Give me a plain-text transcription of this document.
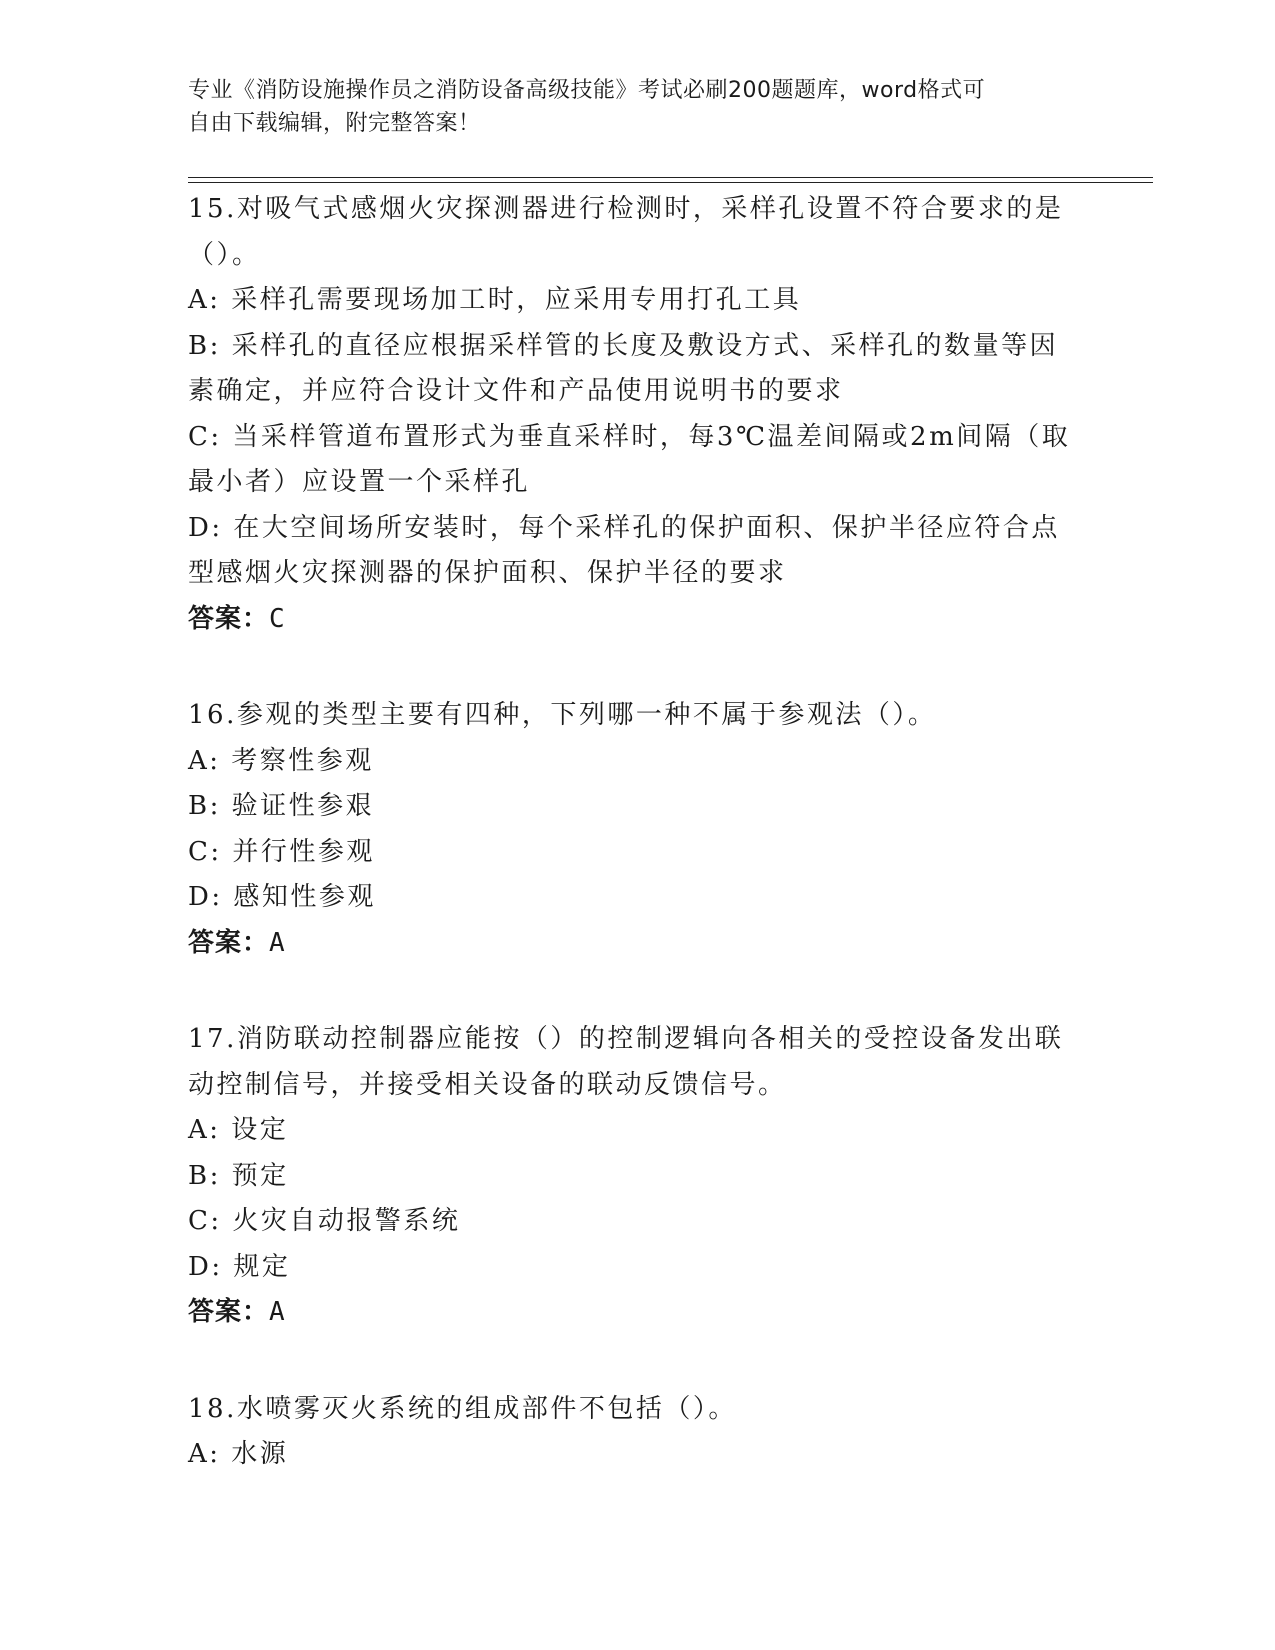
专业《消防设施操作员之消防设备高级技能》考试必刷200题题库，word格式可
自由下载编辑，附完整答案！
15.对吸气式感烟火灾探测器进行检测时，采样孔设置不符合要求的是
（）。
A: 采样孔需要现场加工时，应采用专用打孔工具
B: 采样孔的直径应根据采样管的长度及敷设方式、采样孔的数量等因
素确定，并应符合设计文件和产品使用说明书的要求
C: 当采样管道布置形式为垂直采样时，每3℃温差间隔或2m间隔（取
最小者）应设置一个采样孔
D: 在大空间场所安装时，每个采样孔的保护面积、保护半径应符合点
型感烟火灾探测器的保护面积、保护半径的要求
答案：C
16.参观的类型主要有四种，下列哪一种不属于参观法（）。
A: 考察性参观
B: 验证性参艰
C: 并行性参观
D: 感知性参观
答案：A
17.消防联动控制器应能按（）的控制逻辑向各相关的受控设备发出联
动控制信号，并接受相关设备的联动反馈信号。
A: 设定
B: 预定
C: 火灾自动报警系统
D: 规定
答案：A
18.水喷雾灭火系统的组成部件不包括（）。
A: 水源
